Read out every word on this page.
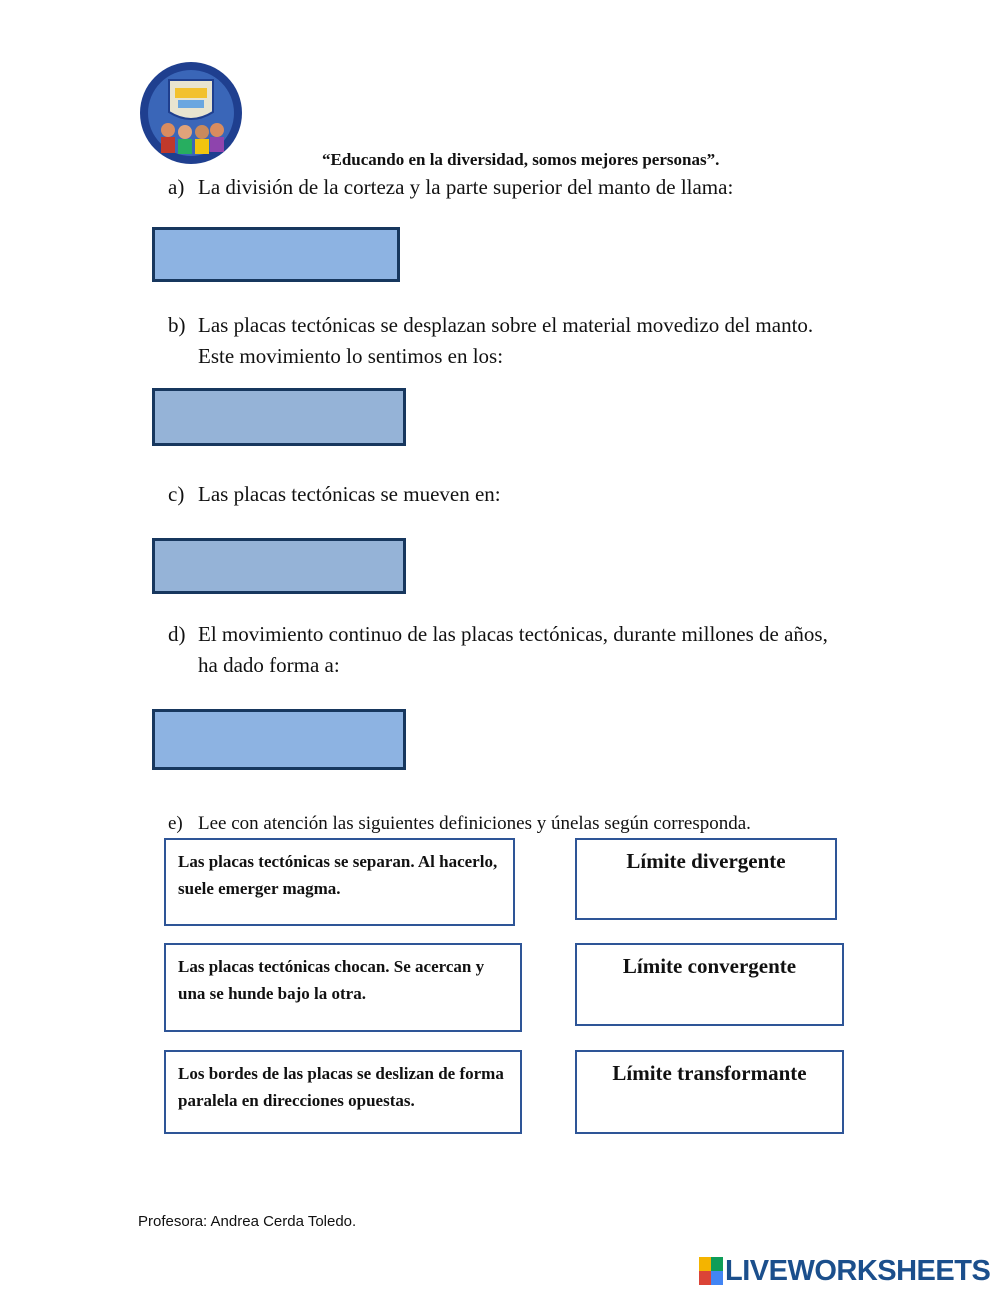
“Educando en la diversidad, somos mejores personas”.
a) La división de la corteza y la parte superior del manto de llama:
b) Las placas tectónicas se desplazan sobre el material movedizo del manto. Este movimiento lo sentimos en los:
c) Las placas tectónicas se mueven en:
d) El movimiento continuo de las placas tectónicas, durante millones de años, ha dado forma a:
e) Lee con atención las siguientes definiciones y únelas según corresponda.
Las placas tectónicas se separan. Al hacerlo, suele emerger magma.
Las placas tectónicas chocan. Se acercan y una se hunde bajo la otra.
Los bordes de las placas se deslizan de forma paralela en direcciones opuestas.
Límite divergente
Límite convergente
Límite transformante
Profesora: Andrea Cerda Toledo.
LIVEWORKSHEETS
